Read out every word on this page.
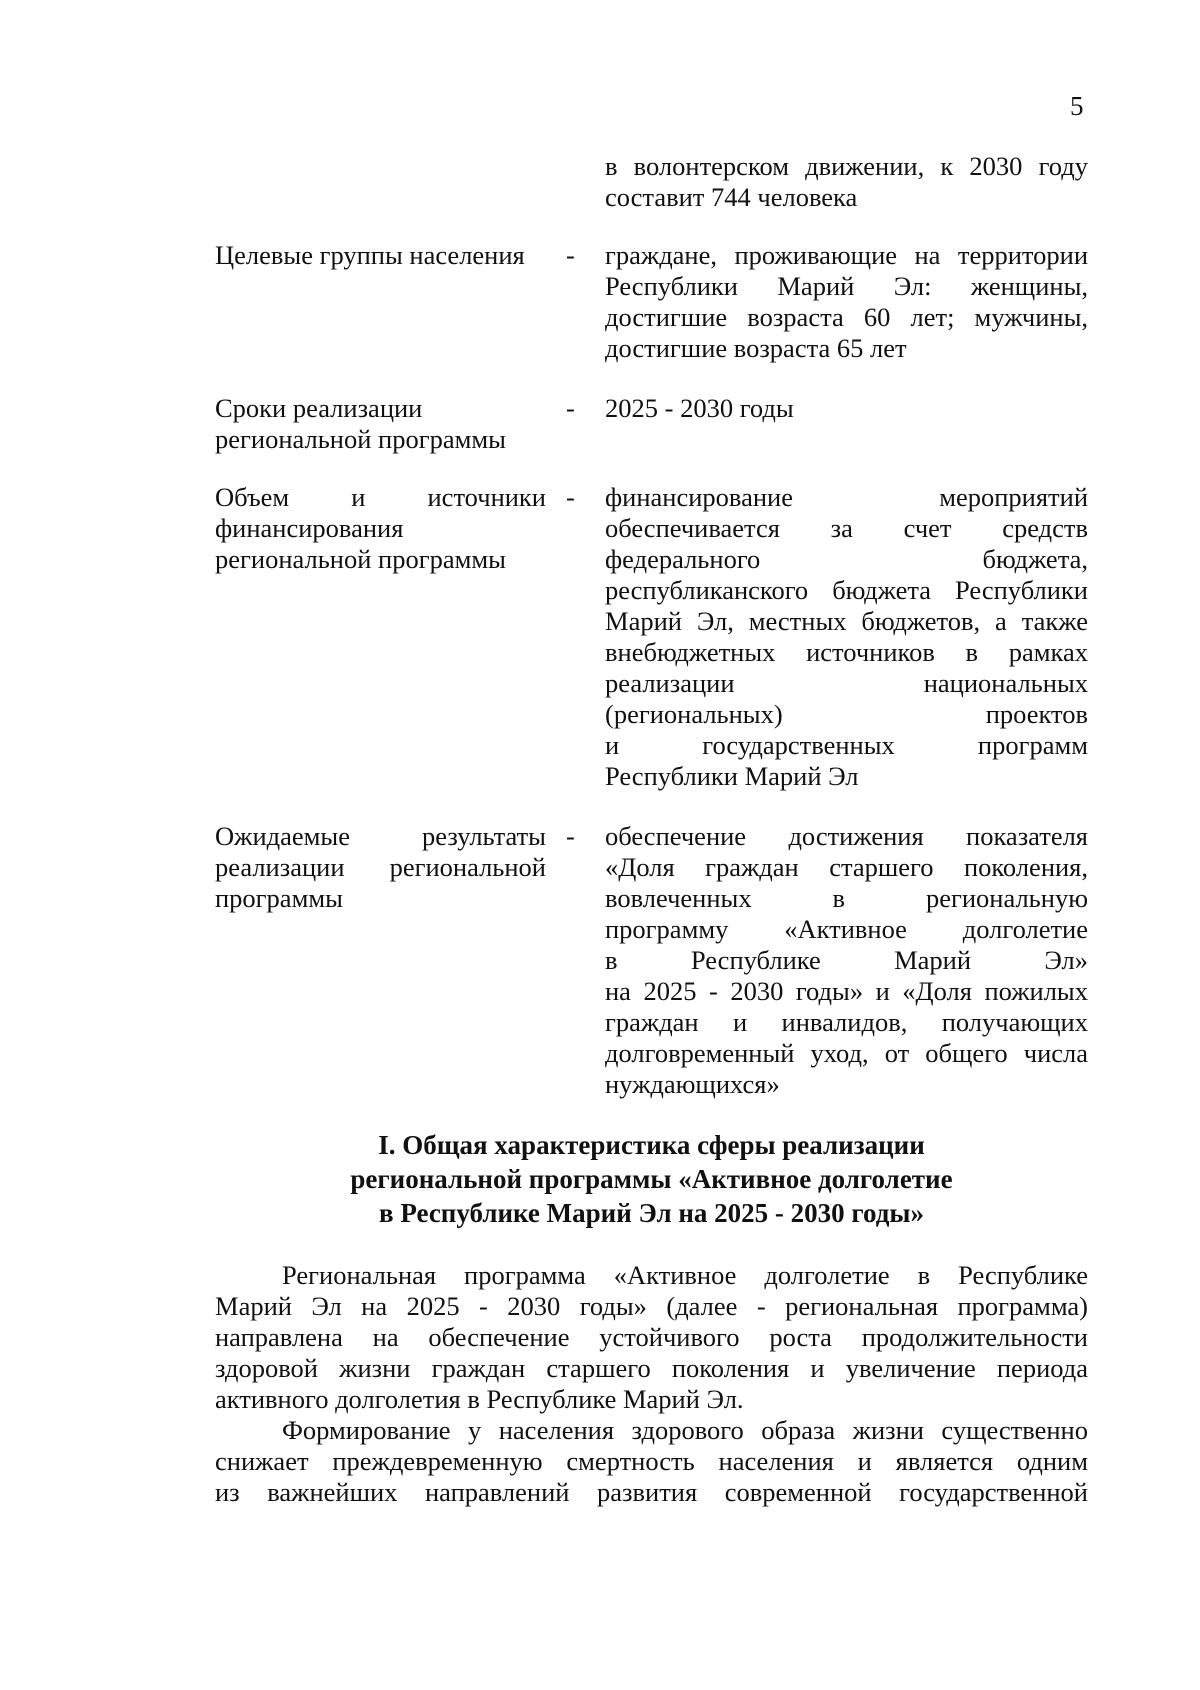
5

в волонтерском движении, к 2030 году

составит 744 человека

Целевые группы населения	- граждане, проживающие на территории

Республики Марий Эл: женщины,

достигшие возраста 60 лет; мужчины,

достигшие возраста 65 лет

Сроки реализации

региональной программы

- 2025 - 2030 годы

Объем и источники

финансирования

региональной программы

- финансирование мероприятий

обеспечивается за счет средств

федерального бюджета,

республиканского бюджета Республики

Марий Эл, местных бюджетов, а также

внебюджетных источников в рамках

реализации национальных

(региональных) проектов

и государственных программ

Республики Марий Эл

Ожидаемые результаты

реализации региональной

программы

- обеспечение достижения показателя

«Доля граждан старшего поколения,

вовлеченных в региональную

программу «Активное долголетие

в Республике Марий Эл»

на 2025 - 2030 годы» и «Доля пожилых

граждан и инвалидов, получающих

долговременный уход, от общего числа

нуждающихся»

I. Общая характеристика сферы реализации
региональной программы «Активное долголетие
в Республике Марий Эл на 2025 - 2030 годы»

Региональная программа «Активное долголетие в Республике

Марий Эл на 2025 - 2030 годы» (далее - региональная программа)

направлена на обеспечение устойчивого роста продолжительности

здоровой жизни граждан старшего поколения и увеличение периода

активного долголетия в Республике Марий Эл.

Формирование у населения здорового образа жизни существенно

снижает преждевременную смертность населения и является одним

из важнейших направлений развития современной государственной
